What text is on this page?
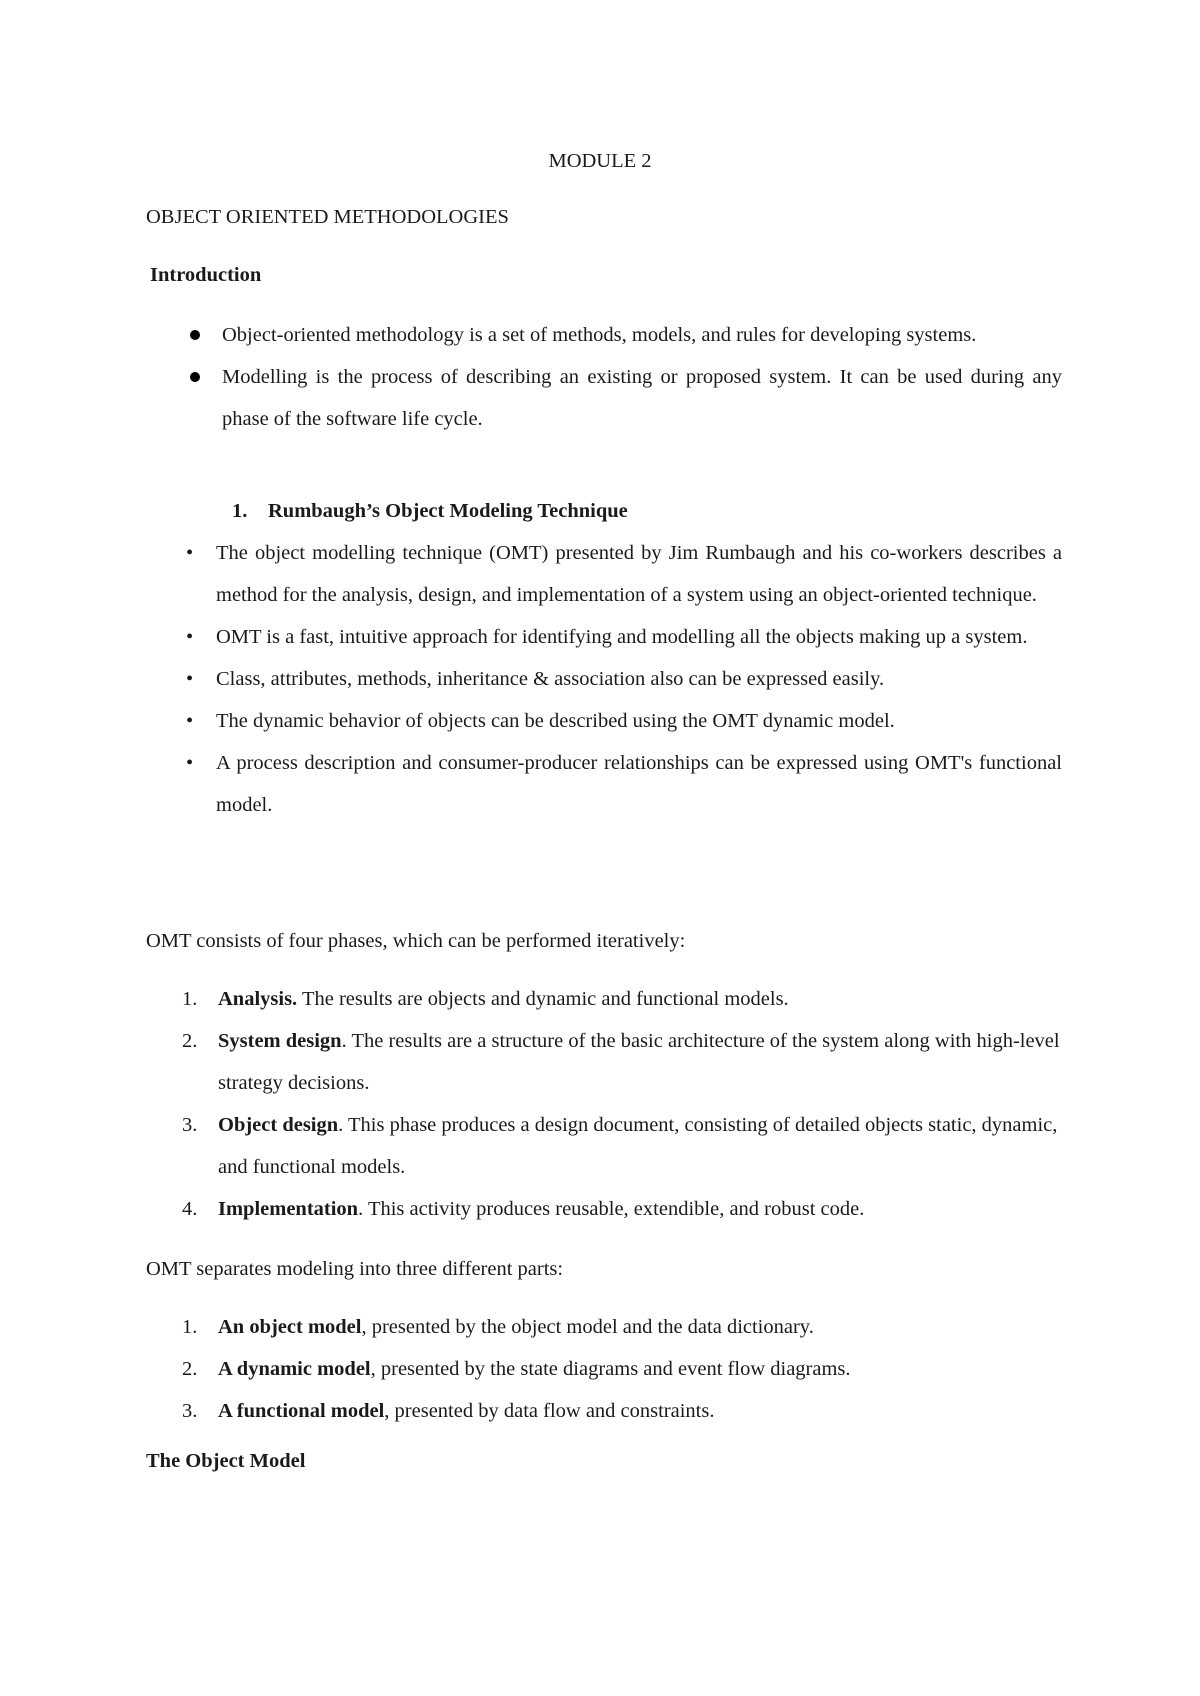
MODULE 2
OBJECT ORIENTED METHODOLOGIES
Introduction
Object-oriented methodology is a set of methods, models, and rules for developing systems.
Modelling is the process of describing an existing or proposed system. It can be used during any phase of the software life cycle.
1. Rumbaugh’s Object Modeling Technique
• The object modelling technique (OMT) presented by Jim Rumbaugh and his co-workers describes a method for the analysis, design, and implementation of a system using an object-oriented technique.
• OMT is a fast, intuitive approach for identifying and modelling all the objects making up a system.
• Class, attributes, methods, inheritance & association also can be expressed easily.
• The dynamic behavior of objects can be described using the OMT dynamic model.
• A process description and consumer-producer relationships can be expressed using OMT's functional model.
OMT consists of four phases, which can be performed iteratively:
1. Analysis. The results are objects and dynamic and functional models.
2. System design. The results are a structure of the basic architecture of the system along with high-level strategy decisions.
3. Object design. This phase produces a design document, consisting of detailed objects static, dynamic, and functional models.
4. Implementation. This activity produces reusable, extendible, and robust code.
OMT separates modeling into three different parts:
1. An object model, presented by the object model and the data dictionary.
2. A dynamic model, presented by the state diagrams and event flow diagrams.
3. A functional model, presented by data flow and constraints.
The Object Model
